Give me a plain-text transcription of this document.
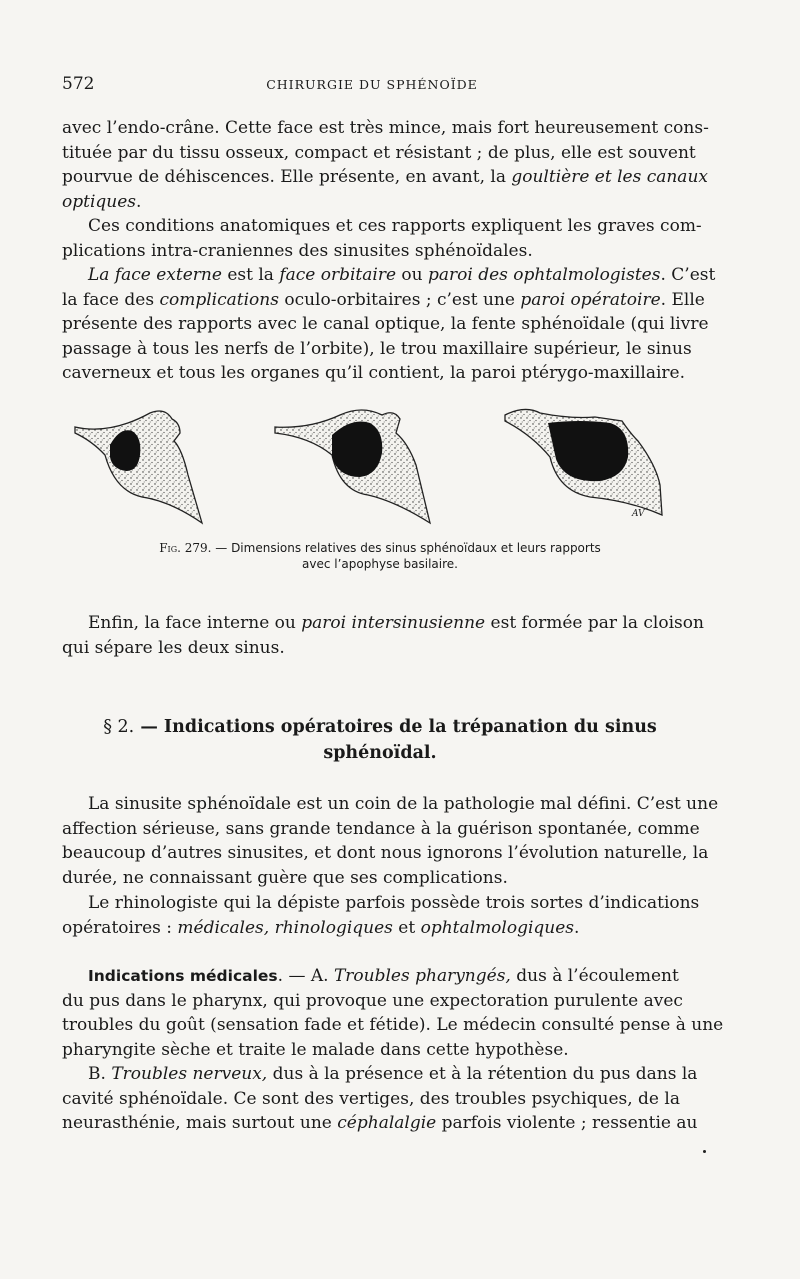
572	CHIRURGIE DU SPHÉNOÏDE

avec l’endo-crâne. Cette face est très mince, mais fort heureusement cons-
tituée par du tissu osseux, compact et résistant ; de plus, elle est souvent
pourvue de déhiscences. Elle présente, en avant, la goultière et les canaux
optiques.

Ces conditions anatomiques et ces rapports expliquent les graves com-
plications intra-craniennes des sinusites sphénoïdales.

La face externe est la face orbitaire ou paroi des ophtalmologistes. C’est
la face des complications oculo-orbitaires ; c’est une paroi opératoire. Elle
présente des rapports avec le canal optique, la fente sphénoïdale (qui livre
passage à tous les nerfs de l’orbite), le trou maxillaire supérieur, le sinus
caverneux et tous les organes qu’il contient, la paroi ptérygo-maxillaire.

AV
Fig. 279. — Dimensions relatives des sinus sphénoïdaux et leurs rapports
avec l’apophyse basilaire.

Enfin, la face interne ou paroi intersinusienne est formée par la cloison
qui sépare les deux sinus.

§ 2. — Indications opératoires de la trépanation du sinus
sphénoïdal.

La sinusite sphénoïdale est un coin de la pathologie mal défini. C’est une
affection sérieuse, sans grande tendance à la guérison spontanée, comme
beaucoup d’autres sinusites, et dont nous ignorons l’évolution naturelle, la
durée, ne connaissant guère que ses complications.

Le rhinologiste qui la dépiste parfois possède trois sortes d’indications
opératoires : médicales, rhinologiques et ophtalmologiques.

Indications médicales. — A. Troubles pharyngés, dus à l’écoulement
du pus dans le pharynx, qui provoque une expectoration purulente avec
troubles du goût (sensation fade et fétide). Le médecin consulté pense à une
pharyngite sèche et traite le malade dans cette hypothèse.

B. Troubles nerveux, dus à la présence et à la rétention du pus dans la
cavité sphénoïdale. Ce sont des vertiges, des troubles psychiques, de la
neurasthénie, mais surtout une céphalalgie parfois violente ; ressentie au
